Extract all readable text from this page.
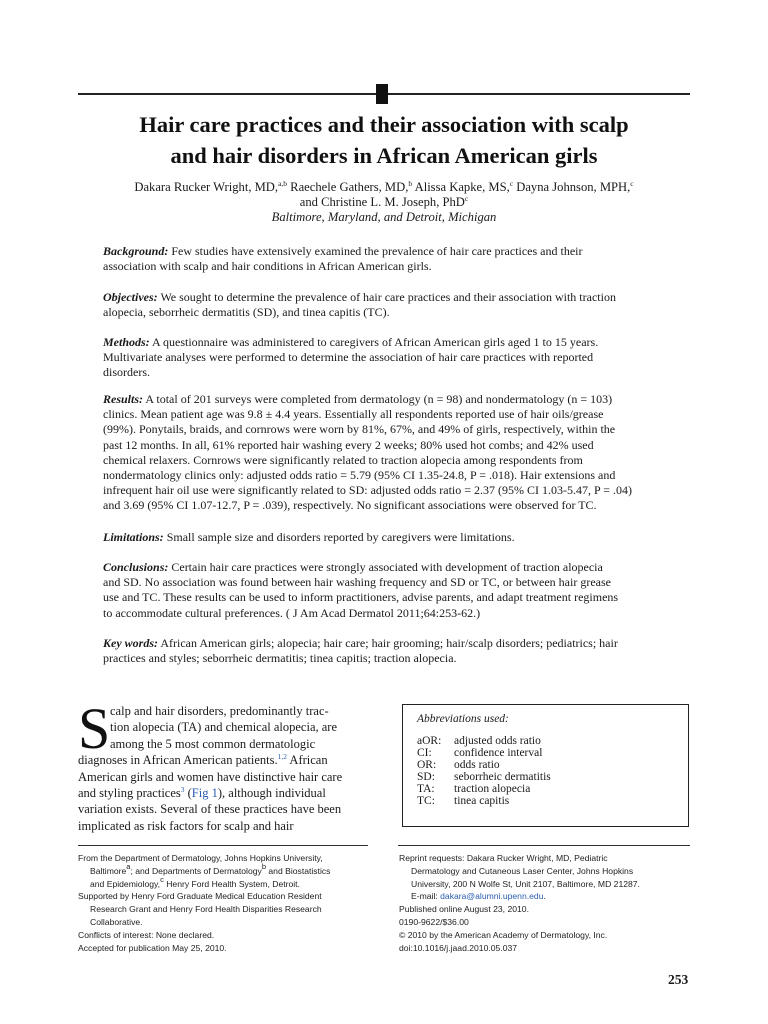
Hair care practices and their association with scalp
and hair disorders in African American girls
Dakara Rucker Wright, MD,$^{a,b}$ Raechele Gathers, MD,$^b$ Alissa Kapke, MS,$^c$ Dayna Johnson, MPH,$^c$
and Christine L. M. Joseph, PhD$^c$
Baltimore, Maryland, and Detroit, Michigan
Background: Few studies have extensively examined the prevalence of hair care practices and their
association with scalp and hair conditions in African American girls.
Objectives: We sought to determine the prevalence of hair care practices and their association with traction
alopecia, seborrheic dermatitis (SD), and tinea capitis (TC).
Methods: A questionnaire was administered to caregivers of African American girls aged 1 to 15 years.
Multivariate analyses were performed to determine the association of hair care practices with reported
disorders.
Results: A total of 201 surveys were completed from dermatology (n = 98) and nondermatology (n = 103)
clinics. Mean patient age was 9.8 ± 4.4 years. Essentially all respondents reported use of hair oils/grease
(99%). Ponytails, braids, and cornrows were worn by 81%, 67%, and 49% of girls, respectively, within the
past 12 months. In all, 61% reported hair washing every 2 weeks; 80% used hot combs; and 42% used
chemical relaxers. Cornrows were significantly related to traction alopecia among respondents from
nondermatology clinics only: adjusted odds ratio = 5.79 (95% CI 1.35-24.8, P = .018). Hair extensions and
infrequent hair oil use were significantly related to SD: adjusted odds ratio = 2.37 (95% CI 1.03-5.47, P = .04)
and 3.69 (95% CI 1.07-12.7, P = .039), respectively. No significant associations were observed for TC.
Limitations: Small sample size and disorders reported by caregivers were limitations.
Conclusions: Certain hair care practices were strongly associated with development of traction alopecia
and SD. No association was found between hair washing frequency and SD or TC, or between hair grease
use and TC. These results can be used to inform practitioners, advise parents, and adapt treatment regimens
to accommodate cultural preferences. ( J Am Acad Dermatol 2011;64:253-62.)
Key words: African American girls; alopecia; hair care; hair grooming; hair/scalp disorders; pediatrics; hair
practices and styles; seborrheic dermatitis; tinea capitis; traction alopecia.
S calp and hair disorders, predominantly trac-
tion alopecia (TA) and chemical alopecia, are
among the 5 most common dermatologic
diagnoses in African American patients.$^{1,2}$ African
American girls and women have distinctive hair care
and styling practices$^3$ (Fig 1), although individual
variation exists. Several of these practices have been
implicated as risk factors for scalp and hair
Abbreviations used:
aOR: adjusted odds ratio
CI: confidence interval
OR: odds ratio
SD: seborrheic dermatitis
TA: traction alopecia
TC: tinea capitis
From the Department of Dermatology, Johns Hopkins University,
Baltimore$^a$; and Departments of Dermatology$^b$ and Biostatistics
and Epidemiology,$^c$ Henry Ford Health System, Detroit.
Supported by Henry Ford Graduate Medical Education Resident
Research Grant and Henry Ford Health Disparities Research
Collaborative.
Conflicts of interest: None declared.
Accepted for publication May 25, 2010.
Reprint requests: Dakara Rucker Wright, MD, Pediatric
Dermatology and Cutaneous Laser Center, Johns Hopkins
University, 200 N Wolfe St, Unit 2107, Baltimore, MD 21287.
E-mail: dakara@alumni.upenn.edu.
Published online August 23, 2010.
0190-9622/$36.00
© 2010 by the American Academy of Dermatology, Inc.
doi:10.1016/j.jaad.2010.05.037
253
